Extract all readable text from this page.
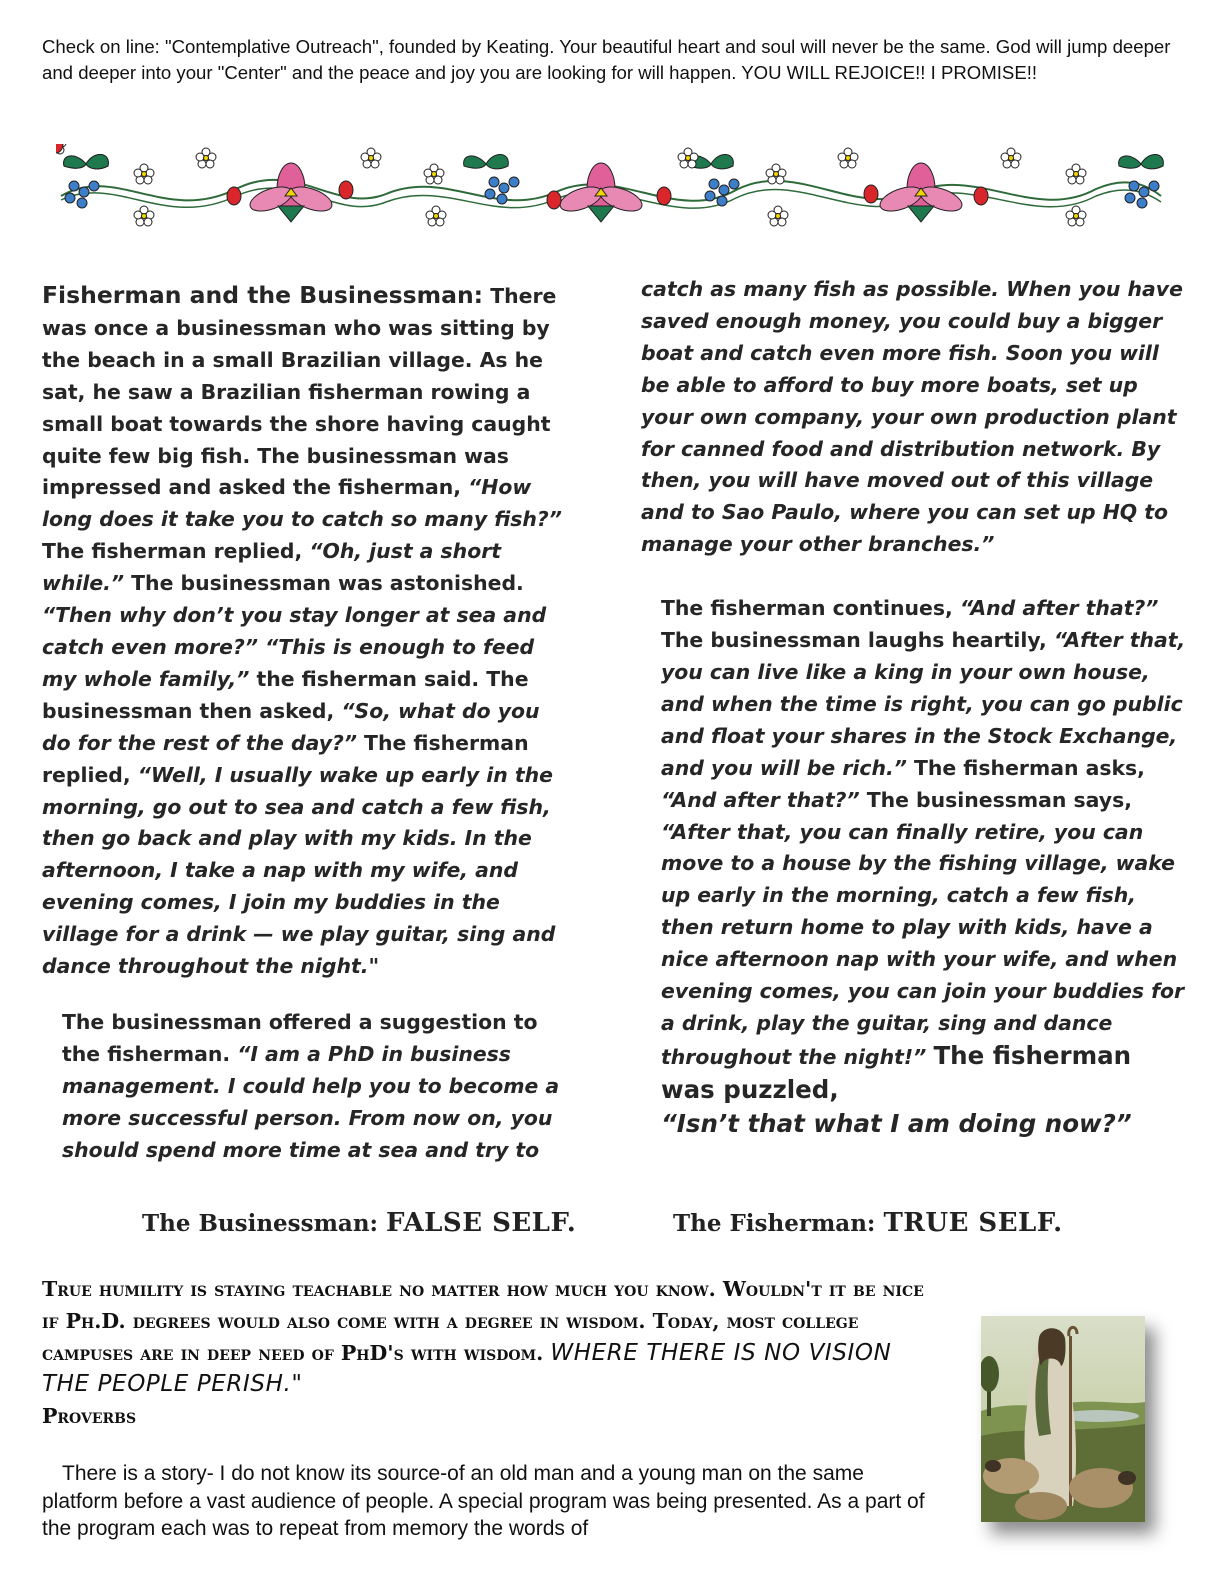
Check on line: "Contemplative Outreach", founded by Keating. Your beautiful heart and soul will never be the same. God will jump deeper and deeper into your "Center" and the peace and joy you are looking for will happen. YOU WILL REJOICE!! I PROMISE!!

Fisherman and the Businessman: There was once a businessman who was sitting by the beach in a small Brazilian village. As he sat, he saw a Brazilian fisherman rowing a small boat towards the shore having caught quite few big fish. The businessman was impressed and asked the fisherman, “How long does it take you to catch so many fish?” The fisherman replied, “Oh, just a short while.” The businessman was astonished. “Then why don’t you stay longer at sea and catch even more?” “This is enough to feed my whole family,” the fisherman said. The businessman then asked, “So, what do you do for the rest of the day?” The fisherman replied, “Well, I usually wake up early in the morning, go out to sea and catch a few fish, then go back and play with my kids. In the afternoon, I take a nap with my wife, and evening comes, I join my buddies in the village for a drink — we play guitar, sing and dance throughout the night."

The businessman offered a suggestion to the fisherman. “I am a PhD in business management. I could help you to become a more successful person. From now on, you should spend more time at sea and try to

catch as many fish as possible. When you have saved enough money, you could buy a bigger boat and catch even more fish. Soon you will be able to afford to buy more boats, set up your own company, your own production plant for canned food and distribution network. By then, you will have moved out of this village and to Sao Paulo, where you can set up HQ to manage your other branches.”

The fisherman continues, “And after that?” The businessman laughs heartily, “After that, you can live like a king in your own house, and when the time is right, you can go public and float your shares in the Stock Exchange, and you will be rich.” The fisherman asks, “And after that?” The businessman says, “After that, you can finally retire, you can move to a house by the fishing village, wake up early in the morning, catch a few fish, then return home to play with kids, have a nice afternoon nap with your wife, and when evening comes, you can join your buddies for a drink, play the guitar, sing and dance throughout the night!” The fisherman was puzzled,
“Isn’t that what I am doing now?”

The Businessman: FALSE SELF.	The Fisherman: TRUE SELF.
True humility is staying teachable no matter how much you know. Wouldn't it be nice if Ph.D. degrees would also come with a degree in wisdom. Today, most college campuses are in deep need of PhD's with wisdom. WHERE THERE IS NO VISION THE PEOPLE PERISH."
Proverbs
There is a story- I do not know its source-of an old man and a young man on the same platform before a vast audience of people. A special program was being presented. As a part of the program each was to repeat from memory the words of
